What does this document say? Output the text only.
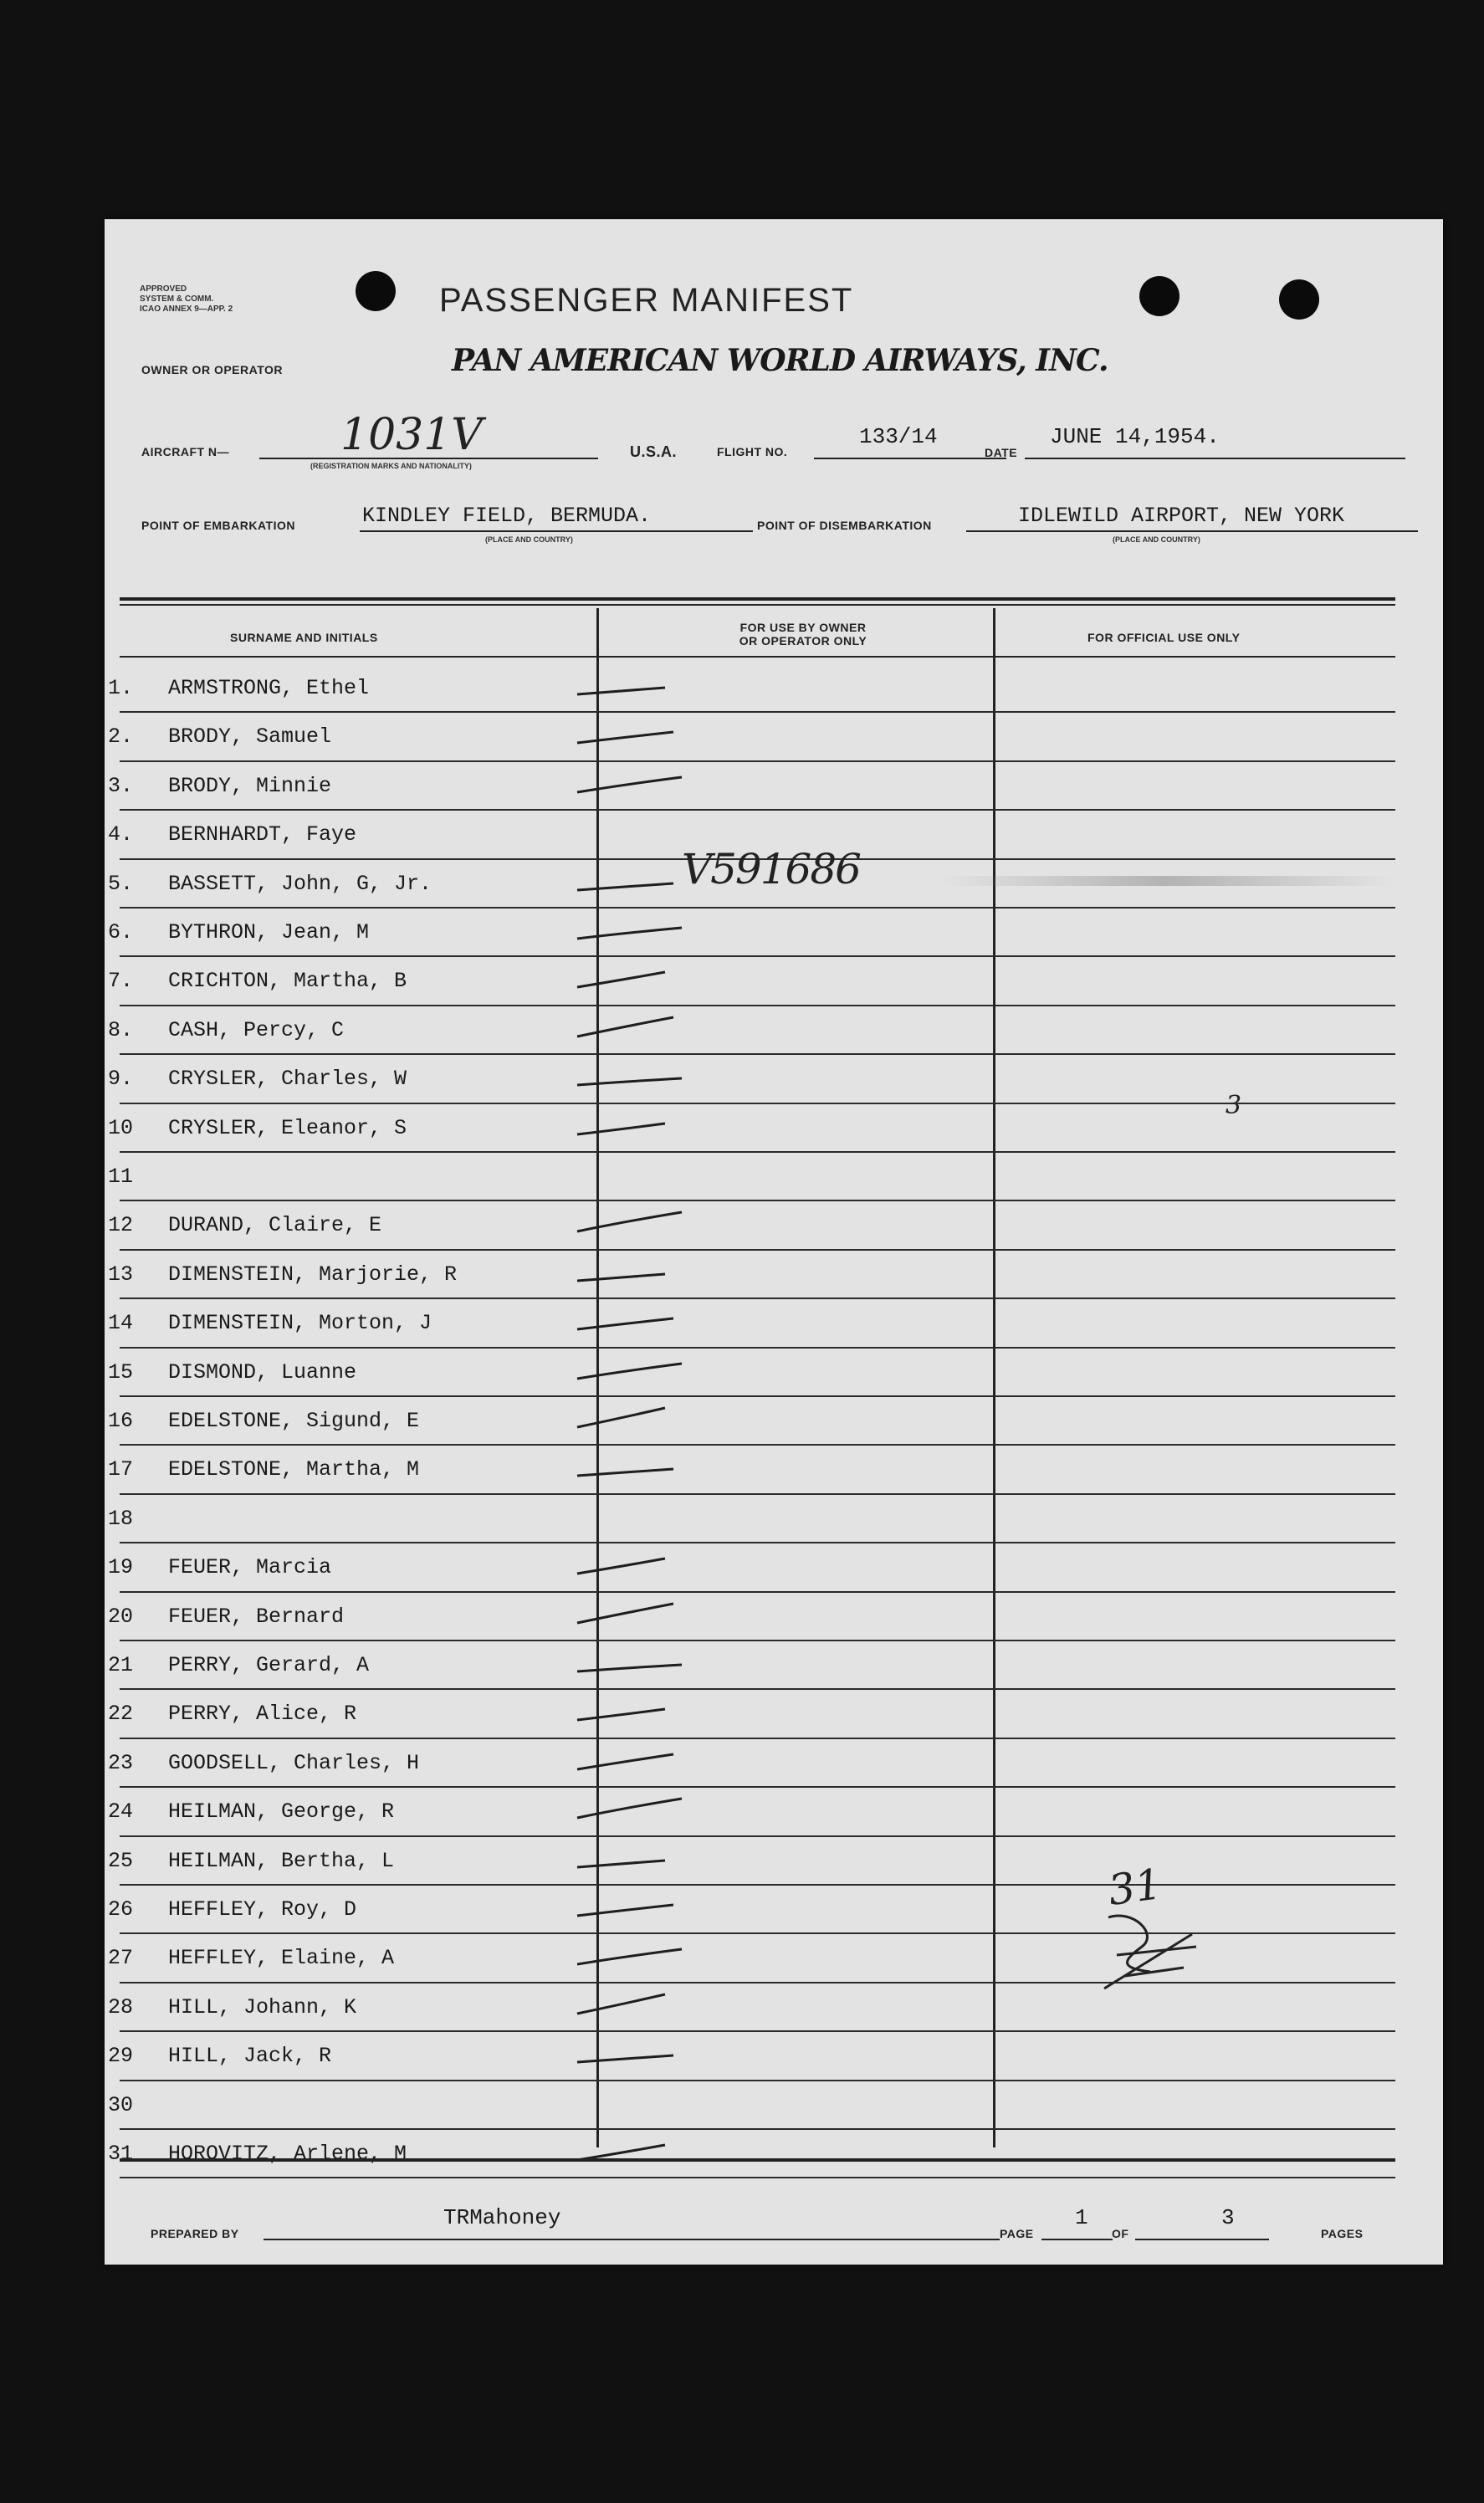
APPROVED
SYSTEM & COMM.
ICAO ANNEX 9—APP. 2	PASSENGER MANIFEST
OWNER OR OPERATOR	PAN AMERICAN WORLD AIRWAYS, INC.
AIRCRAFT N—	1031V
(REGISTRATION MARKS AND NATIONALITY)
U.S.A.	FLIGHT NO.
133/14
DATE
JUNE 14,1954.
POINT OF EMBARKATION	KINDLEY FIELD, BERMUDA.
(PLACE AND COUNTRY)
POINT OF DISEMBARKATION	IDLEWILD AIRPORT, NEW YORK
(PLACE AND COUNTRY)
SURNAME AND INITIALS
FOR USE BY OWNER
OR OPERATOR ONLY	FOR OFFICIAL USE ONLY
1.	ARMSTRONG, Ethel
2.	BRODY, Samuel
3.	BRODY, Minnie
4.	BERNHARDT, Faye
5.	BASSETT, John, G, Jr.
6.	BYTHRON, Jean, M
7.	CRICHTON, Martha, B
8.	CASH, Percy, C
9.	CRYSLER, Charles, W
10	CRYSLER, Eleanor, S
11
12	DURAND, Claire, E
13	DIMENSTEIN, Marjorie, R
14	DIMENSTEIN, Morton, J
15	DISMOND, Luanne
16	EDELSTONE, Sigund, E
17	EDELSTONE, Martha, M
18
19	FEUER, Marcia
20	FEUER, Bernard
21	PERRY, Gerard, A
22	PERRY, Alice, R
23	GOODSELL, Charles, H
24	HEILMAN, George, R
25	HEILMAN, Bertha, L
26	HEFFLEY, Roy, D
27	HEFFLEY, Elaine, A
28	HILL, Johann, K
29	HILL, Jack, R
30
31	HOROVITZ, Arlene, M
V591686
3
31
PREPARED BY
TRMahoney
PAGE
1
OF
3
PAGES
